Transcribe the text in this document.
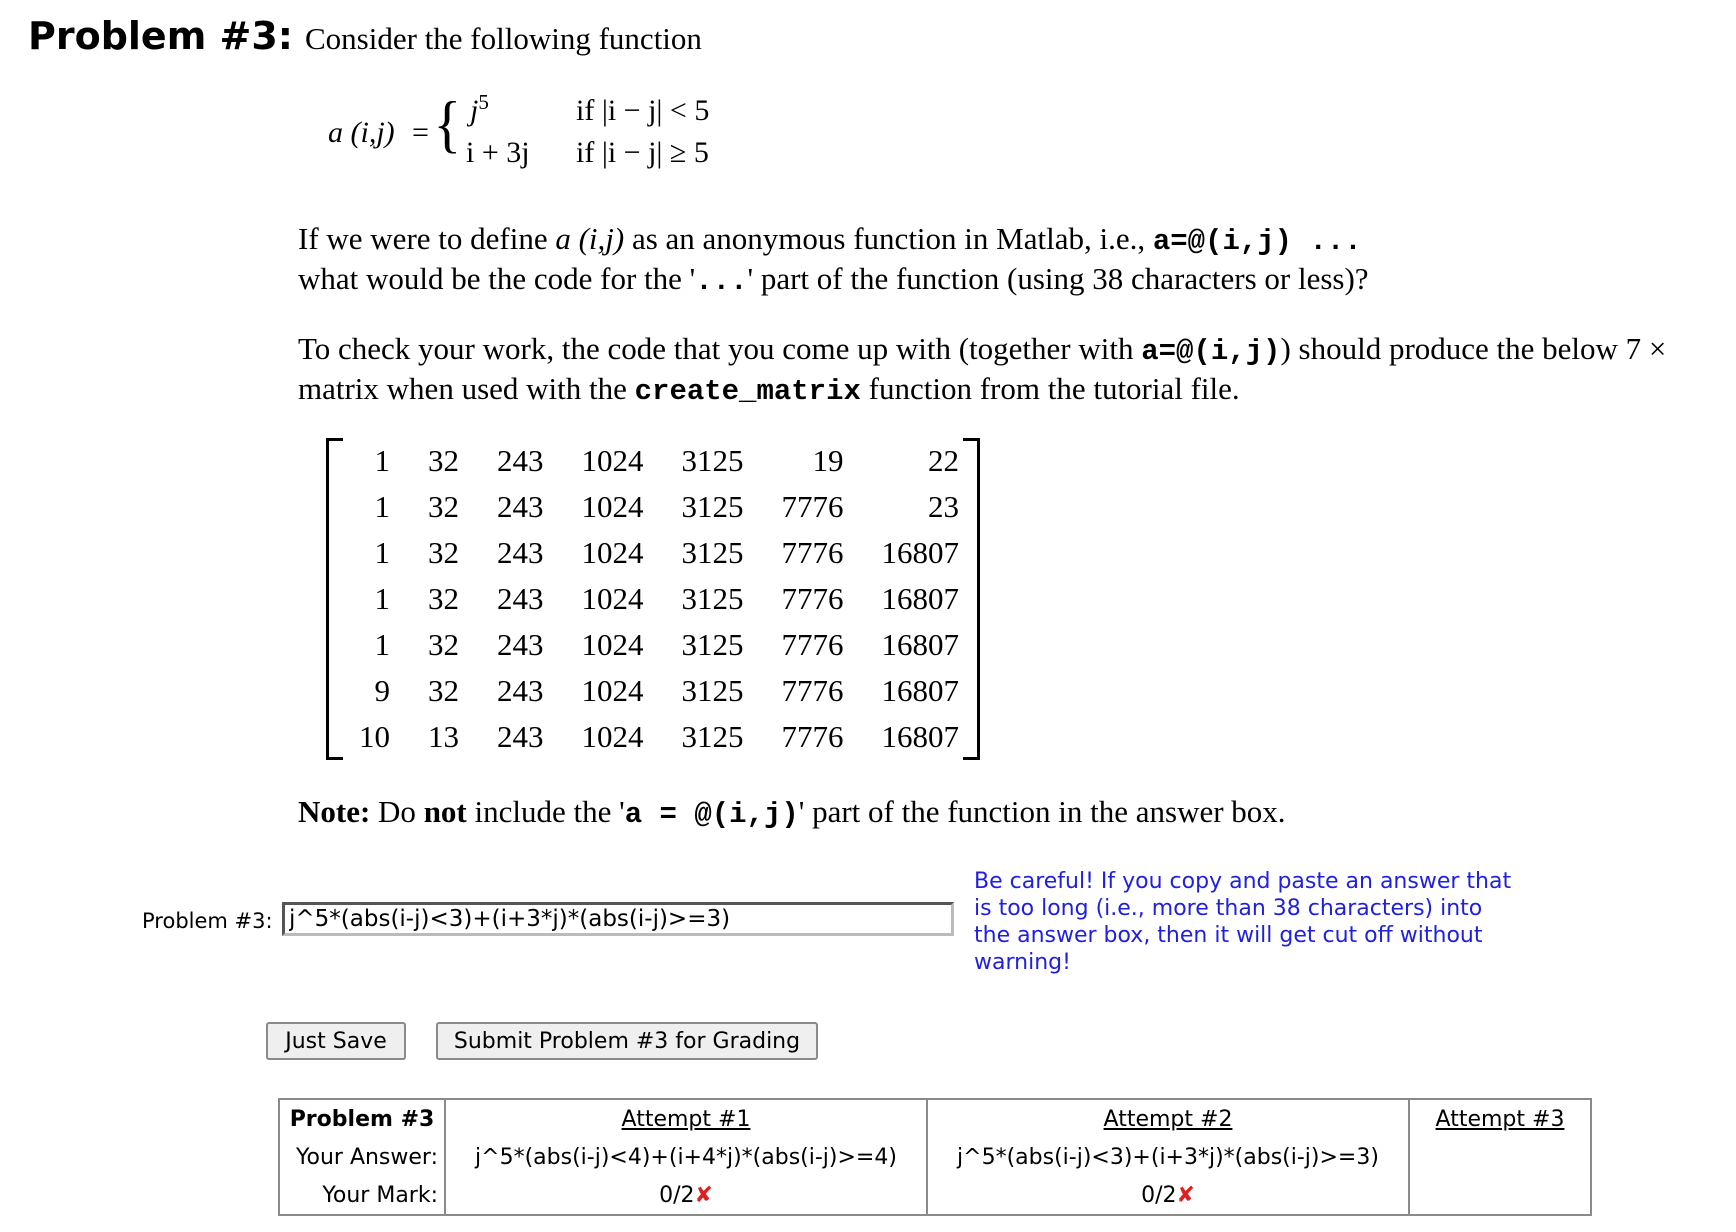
Problem #3: Consider the following function
a (i,j) = { $j^5$	if |i − j| < 5
i + 3j if |i − j| ≥ 5
If we were to define a (i,j) as an anonymous function in Matlab, i.e., a=@(i,j) ...
what would be the code for the '...' part of the function (using 38 characters or less)?
To check your work, the code that you come up with (together with a=@(i,j)) should produce the below 7 ×
matrix when used with the create_matrix function from the tutorial file.
1	32	243	1024	3125	19	22
1	32	243	1024	3125	7776	23
1	32	243	1024	3125	7776	16807
1	32	243	1024	3125	7776	16807
1	32	243	1024	3125	7776	16807
9	32	243	1024	3125	7776	16807
10	13	243	1024	3125	7776	16807
Note: Do not include the 'a = @(i,j)' part of the function in the answer box.
Problem #3:
j^5*(abs(i-j)<3)+(i+3*j)*(abs(i-j)>=3)
Be careful! If you copy and paste an answer that is too long (i.e., more than 38 characters) into the answer box, then it will get cut off without warning!
Just Save	Submit Problem #3 for Grading
Problem #3	Attempt #1	Attempt #2	Attempt #3
Your Answer:	j^5*(abs(i-j)<4)+(i+4*j)*(abs(i-j)>=4)	j^5*(abs(i-j)<3)+(i+3*j)*(abs(i-j)>=3)	
Your Mark:	0/2✘	0/2✘	
